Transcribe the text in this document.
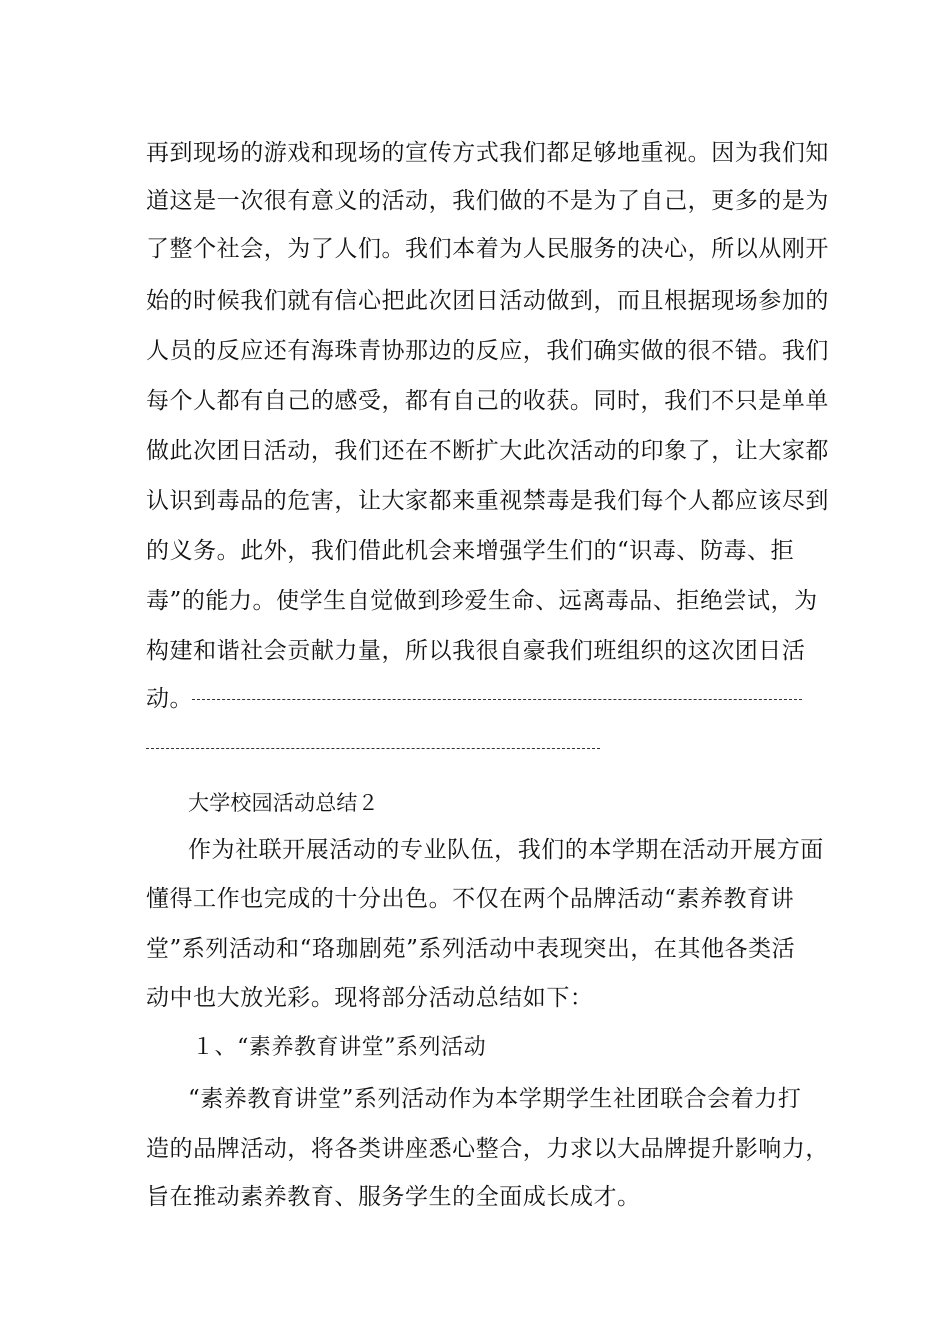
再到现场的游戏和现场的宣传方式我们都足够地重视。因为我们知
道这是一次很有意义的活动，我们做的不是为了自己，更多的是为
了整个社会，为了人们。我们本着为人民服务的决心，所以从刚开
始的时候我们就有信心把此次团日活动做到，而且根据现场参加的
人员的反应还有海珠青协那边的反应，我们确实做的很不错。我们
每个人都有自己的感受，都有自己的收获。同时，我们不只是单单
做此次团日活动，我们还在不断扩大此次活动的印象了，让大家都
认识到毒品的危害，让大家都来重视禁毒是我们每个人都应该尽到
的义务。此外，我们借此机会来增强学生们的“识毒、防毒、拒
毒”的能力。使学生自觉做到珍爱生命、远离毒品、拒绝尝试，为
构建和谐社会贡献力量，所以我很自豪我们班组织的这次团日活
动。
大学校园活动总结２
作为社联开展活动的专业队伍，我们的本学期在活动开展方面
懂得工作也完成的十分出色。不仅在两个品牌活动“素养教育讲
堂”系列活动和“珞珈剧苑”系列活动中表现突出，在其他各类活
动中也大放光彩。现将部分活动总结如下：
１、“素养教育讲堂”系列活动
“素养教育讲堂”系列活动作为本学期学生社团联合会着力打
造的品牌活动，将各类讲座悉心整合，力求以大品牌提升影响力，
旨在推动素养教育、服务学生的全面成长成才。
